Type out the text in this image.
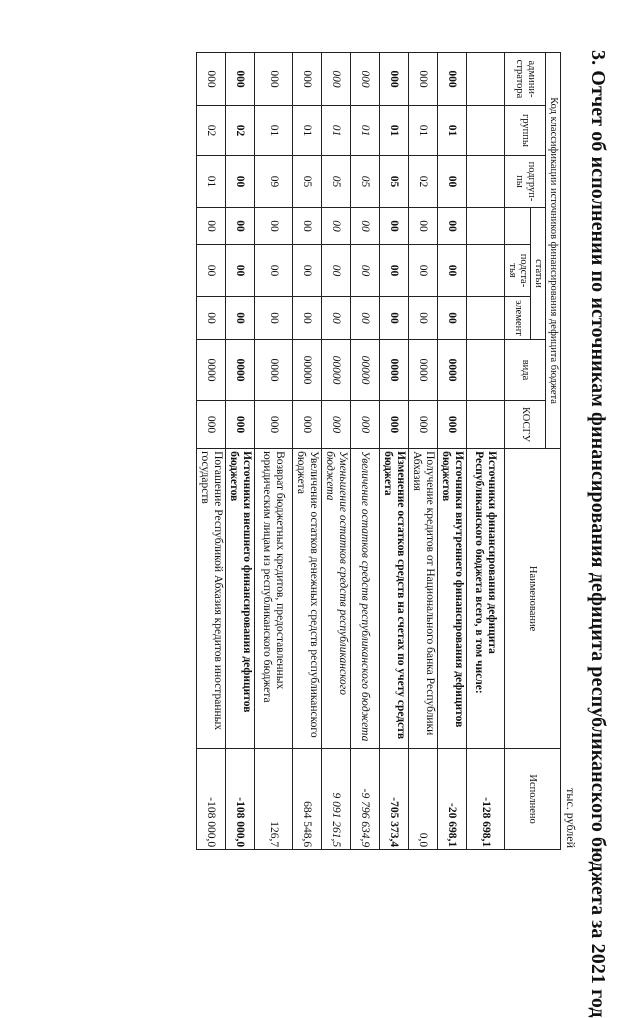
3. Отчет об исполнении по источникам финансирования дефицита республиканского бюджета за 2021 год
тыс. рублей
Код классификации источников финансирования дефицита бюджета								Наименование	Исполнено
админи-стратора	группы	подгруп-пы	статьи			вида	КОСГУ		
				подста-тья	элемент				
								Источники финансирования дефицита Республиканского бюджета всего, в том числе:	-128 698,1
000	01	00	00	00	00	0000	000	Источники внутреннего финансирования дефицитов бюджетов	-20 698,1
000	01	02	00	00	00	0000	000	Получение кредитов от Национального банка Республики Абхазия	0,0
000	01	05	00	00	00	0000	000	Изменение остатков средств на счетах по учету средств бюджета	-705 373,4
000	01	05	00	00	00	00000	000	Увеличение остатков средств республиканского бюджета	-9 796 634,9
000	01	05	00	00	00	00000	000	Уменьшение остатков средств республиканского бюджета	9 091 261,5
000	01	05	00	00	00	00000	000	Увеличение остатков денежных средств республиканского бюджета	684 548,6
000	01	09	00	00	00	0000	000	Возврат бюджетных кредитов, предоставленных юридическим лицам из республиканского бюджета	126,7
000	02	00	00	00	00	0000	000	Источники внешнего финансирования дефицитов бюджетов	-108 000,0
000	02	01	00	00	00	0000	000	Погашение Республикой Абхазия кредитов иностранных государств	-108 000,0
